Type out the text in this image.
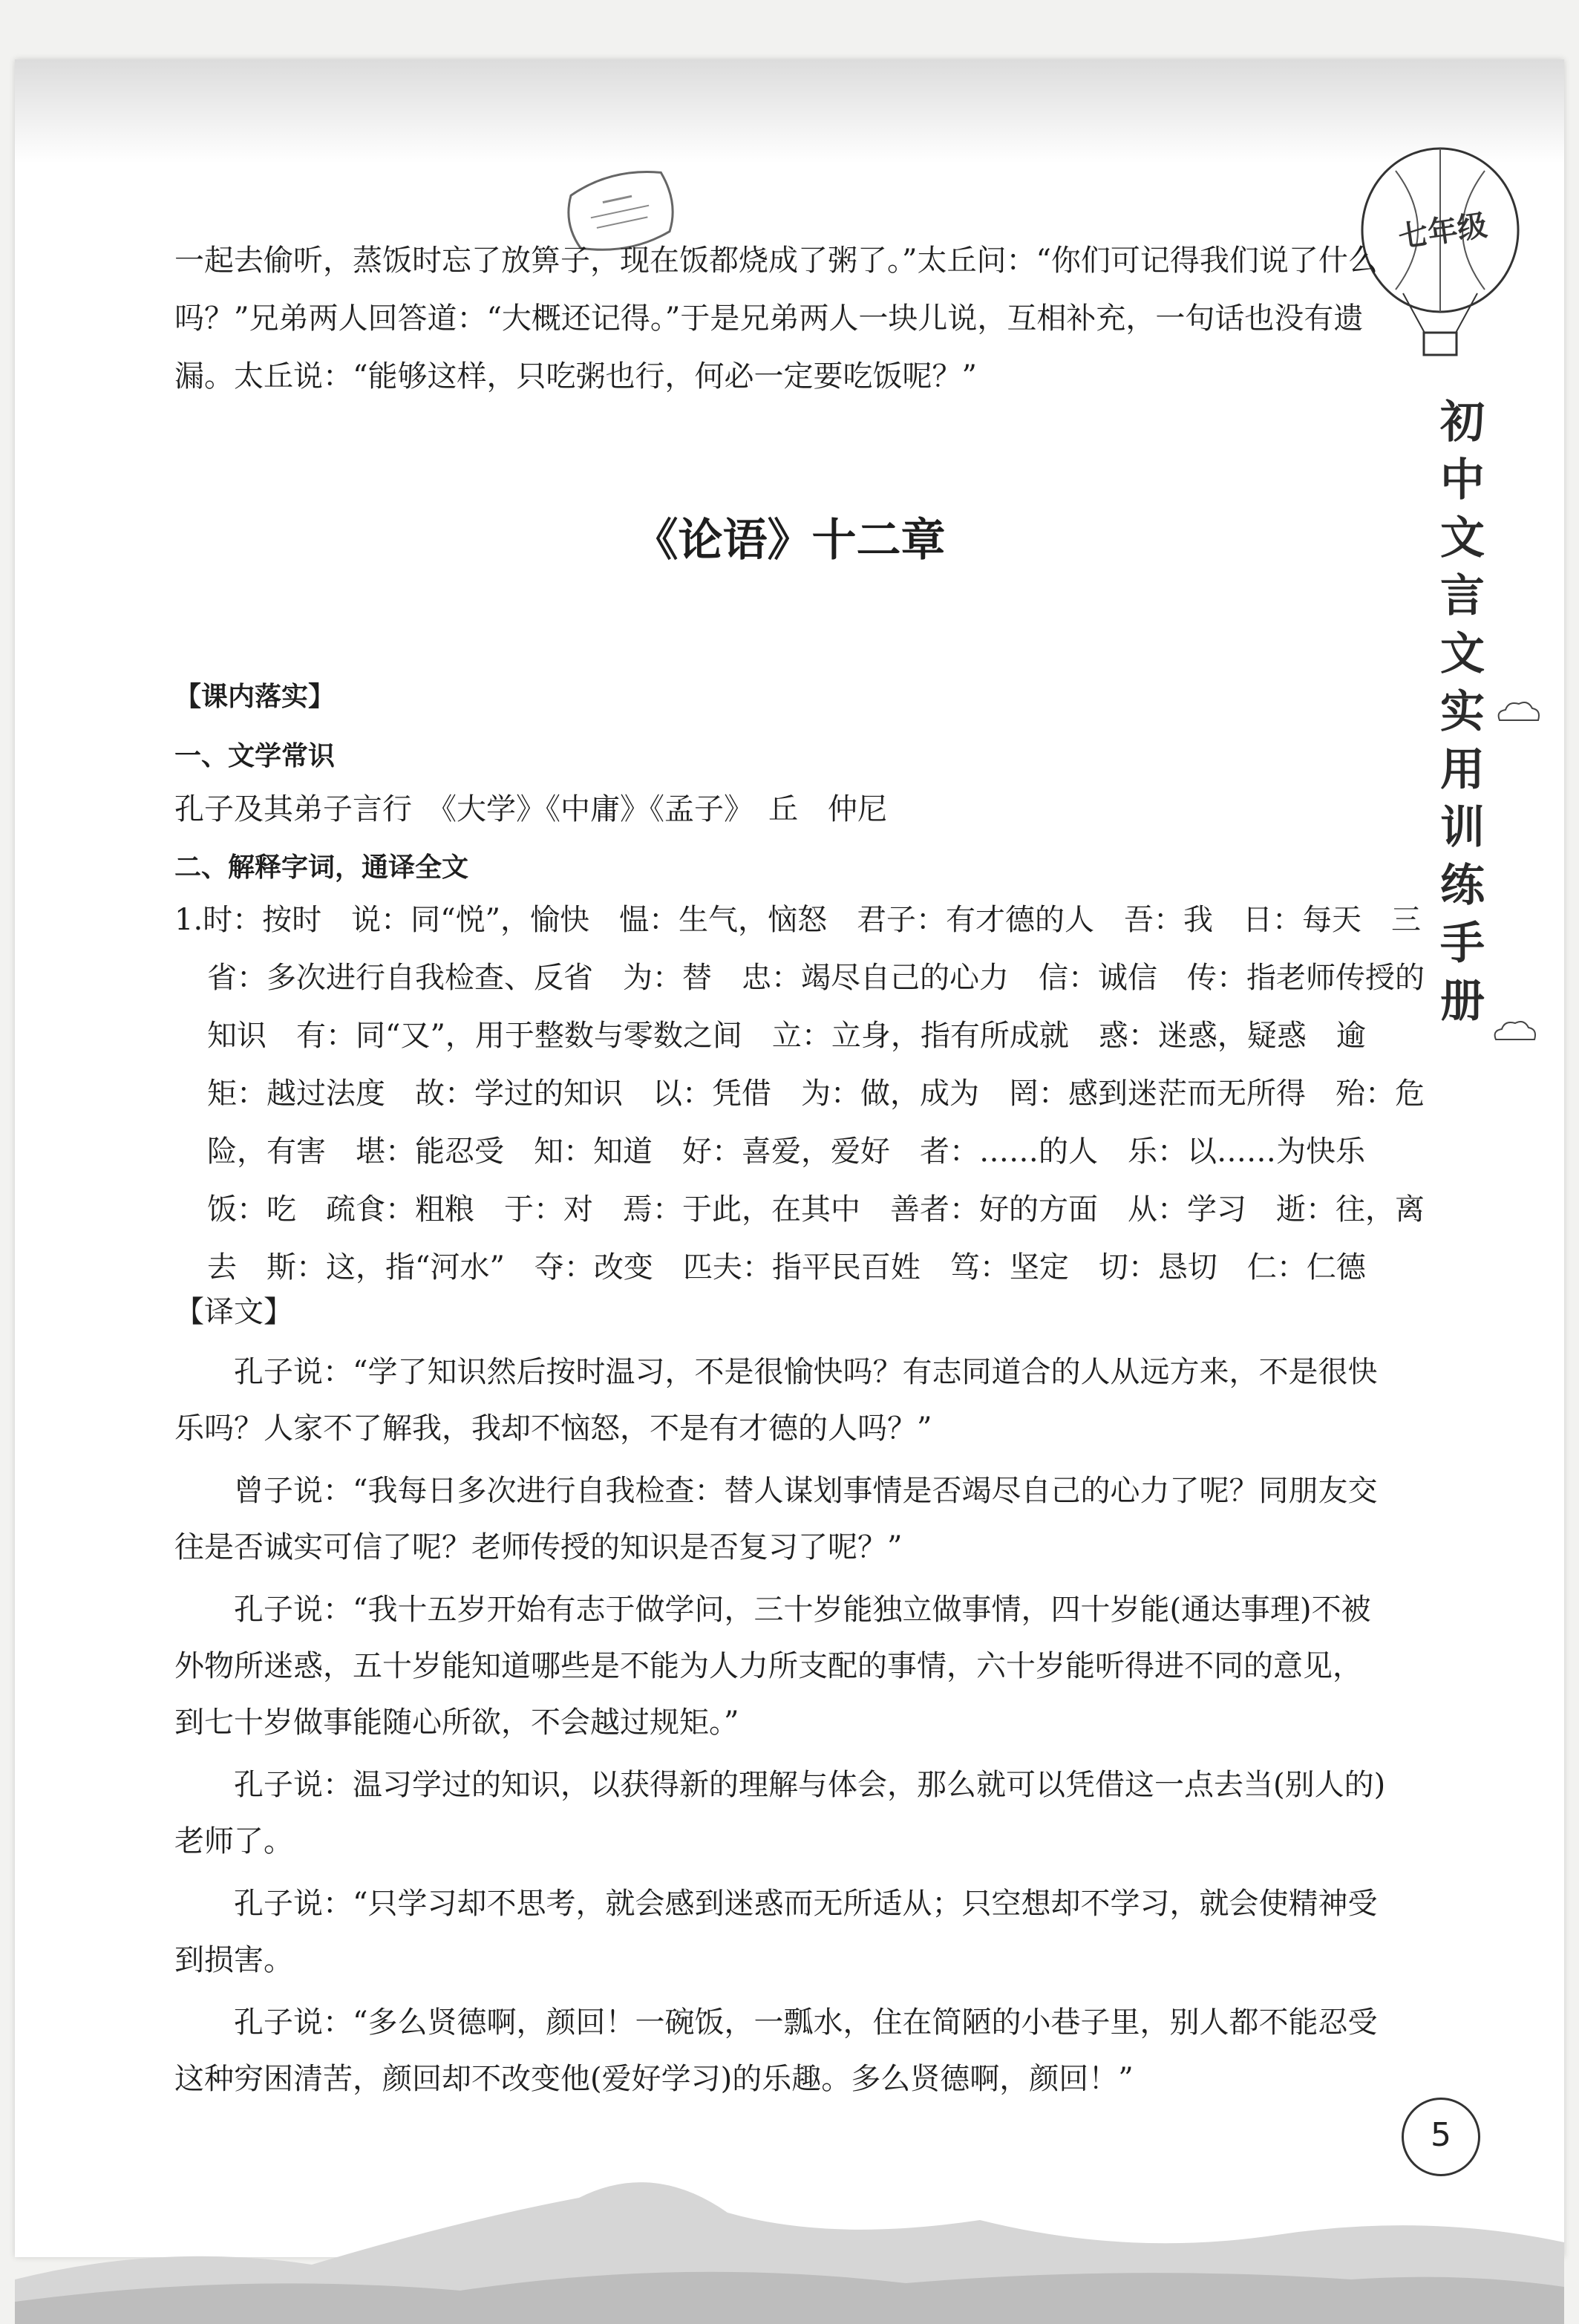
七年级
初
中
文
言
文
实
用
训
练
手
册

一起去偷听，蒸饭时忘了放箅子，现在饭都烧成了粥了。”太丘问：“你们可记得我们说了什么吗？”兄弟两人回答道：“大概还记得。”于是兄弟两人一块儿说，互相补充，一句话也没有遗漏。太丘说：“能够这样，只吃粥也行，何必一定要吃饭呢？”

《论语》十二章

【课内落实】

一、文学常识

孔子及其弟子言行　《大学》《中庸》《孟子》　丘　仲尼

二、解释字词，通译全文

1.时：按时　说：同“悦”，愉快　愠：生气，恼怒　君子：有才德的人　吾：我　日：每天　三省：多次进行自我检查、反省　为：替　忠：竭尽自己的心力　信：诚信　传：指老师传授的知识　有：同“又”，用于整数与零数之间　立：立身，指有所成就　惑：迷惑，疑惑　逾矩：越过法度　故：学过的知识　以：凭借　为：做，成为　罔：感到迷茫而无所得　殆：危险，有害　堪：能忍受　知：知道　好：喜爱，爱好　者：……的人　乐：以……为快乐　饭：吃　疏食：粗粮　于：对　焉：于此，在其中　善者：好的方面　从：学习　逝：往，离去　斯：这，指“河水”　夺：改变　匹夫：指平民百姓　笃：坚定　切：恳切　仁：仁德

【译文】

孔子说：“学了知识然后按时温习，不是很愉快吗？有志同道合的人从远方来，不是很快乐吗？人家不了解我，我却不恼怒，不是有才德的人吗？”

曾子说：“我每日多次进行自我检查：替人谋划事情是否竭尽自己的心力了呢？同朋友交往是否诚实可信了呢？老师传授的知识是否复习了呢？”

孔子说：“我十五岁开始有志于做学问，三十岁能独立做事情，四十岁能(通达事理)不被外物所迷惑，五十岁能知道哪些是不能为人力所支配的事情，六十岁能听得进不同的意见，到七十岁做事能随心所欲，不会越过规矩。”

孔子说：温习学过的知识，以获得新的理解与体会，那么就可以凭借这一点去当(别人的)老师了。

孔子说：“只学习却不思考，就会感到迷惑而无所适从；只空想却不学习，就会使精神受到损害。

孔子说：“多么贤德啊，颜回！一碗饭，一瓢水，住在简陋的小巷子里，别人都不能忍受这种穷困清苦，颜回却不改变他(爱好学习)的乐趣。多么贤德啊，颜回！”

5
